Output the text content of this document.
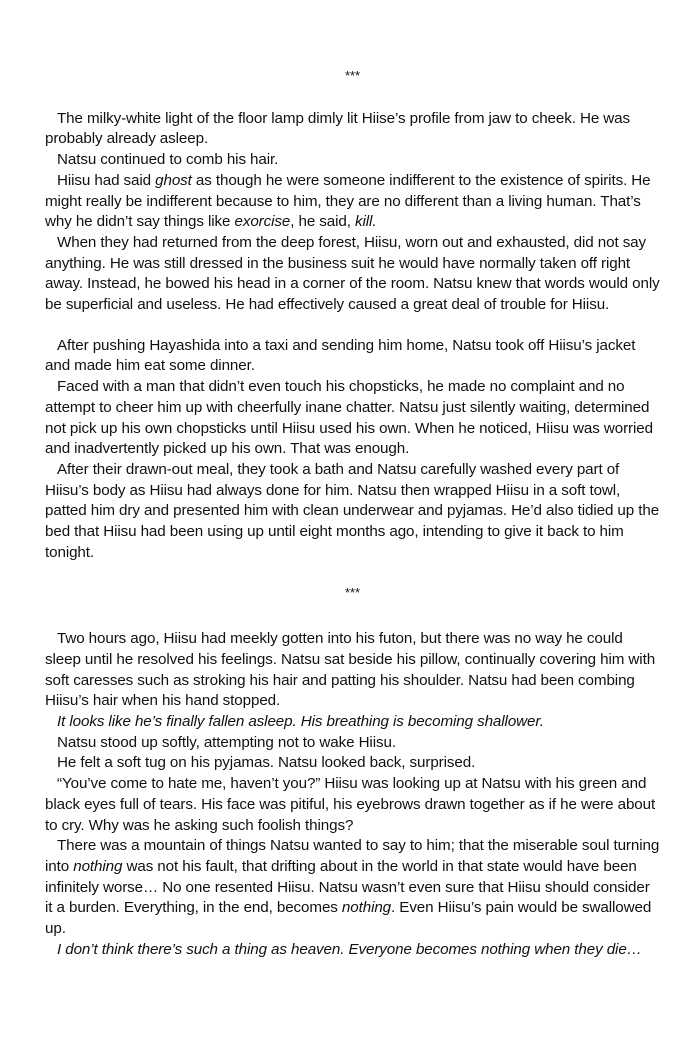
***

The milky-white light of the floor lamp dimly lit Hiise’s profile from jaw to cheek. He was probably already asleep.

Natsu continued to comb his hair.

Hiisu had said ghost as though he were someone indifferent to the existence of spirits. He might really be indifferent because to him, they are no different than a living human. That’s why he didn’t say things like exorcise, he said, kill.

When they had returned from the deep forest, Hiisu, worn out and exhausted, did not say anything. He was still dressed in the business suit he would have normally taken off right away. Instead, he bowed his head in a corner of the room. Natsu knew that words would only be superficial and useless. He had effectively caused a great deal of trouble for Hiisu.

After pushing Hayashida into a taxi and sending him home, Natsu took off Hiisu’s jacket and made him eat some dinner.

Faced with a man that didn’t even touch his chopsticks, he made no complaint and no attempt to cheer him up with cheerfully inane chatter. Natsu just silently waiting, determined not pick up his own chopsticks until Hiisu used his own. When he noticed, Hiisu was worried and inadvertently picked up his own. That was enough.

After their drawn-out meal, they took a bath and Natsu carefully washed every part of Hiisu’s body as Hiisu had always done for him. Natsu then wrapped Hiisu in a soft towl, patted him dry and presented him with clean underwear and pyjamas. He’d also tidied up the bed that Hiisu had been using up until eight months ago, intending to give it back to him tonight.

***

Two hours ago, Hiisu had meekly gotten into his futon, but there was no way he could sleep until he resolved his feelings. Natsu sat beside his pillow, continually covering him with soft caresses such as stroking his hair and patting his shoulder. Natsu had been combing Hiisu’s hair when his hand stopped.

It looks like he’s finally fallen asleep. His breathing is becoming shallower.

Natsu stood up softly, attempting not to wake Hiisu.

He felt a soft tug on his pyjamas. Natsu looked back, surprised.

“You’ve come to hate me, haven’t you?” Hiisu was looking up at Natsu with his green and black eyes full of tears. His face was pitiful, his eyebrows drawn together as if he were about to cry. Why was he asking such foolish things?

There was a mountain of things Natsu wanted to say to him; that the miserable soul turning into nothing was not his fault, that drifting about in the world in that state would have been infinitely worse… No one resented Hiisu. Natsu wasn’t even sure that Hiisu should consider it a burden. Everything, in the end, becomes nothing. Even Hiisu’s pain would be swallowed up.

I don’t think there’s such a thing as heaven. Everyone becomes nothing when they die…
